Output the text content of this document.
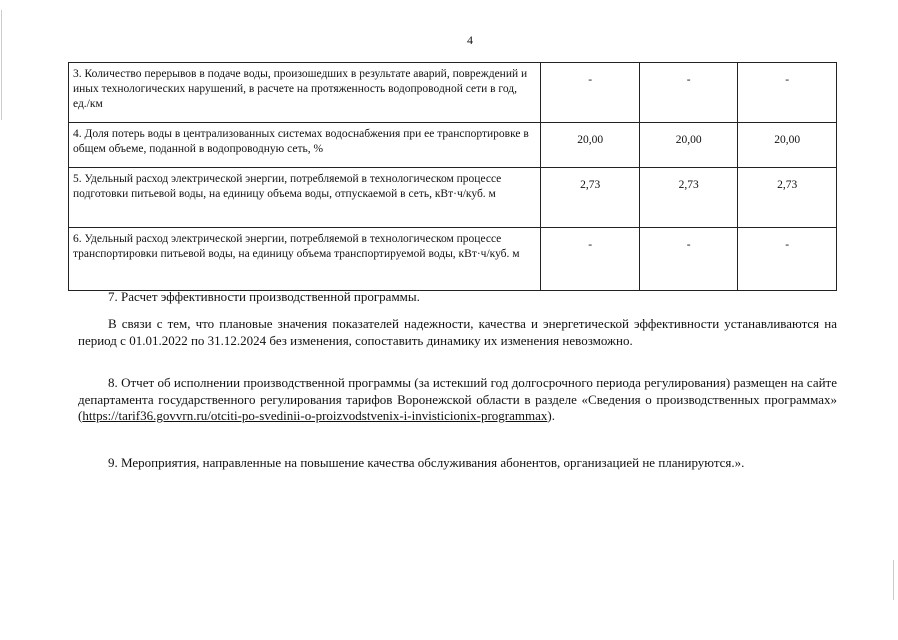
4
3. Количество перерывов в подаче воды, произошедших в результате аварий, повреждений и иных технологических нарушений, в расчете на протяженность водопроводной сети в год, ед./км	-	-	-
4. Доля потерь воды в централизованных системах водоснабжения при ее транспортировке в общем объеме, поданной в водопроводную сеть, %	20,00	20,00	20,00
5. Удельный расход электрической энергии, потребляемой в технологическом процессе подготовки питьевой воды, на единицу объема воды, отпускаемой в сеть, кВт·ч/куб. м	2,73	2,73	2,73
6. Удельный расход электрической энергии, потребляемой в технологическом процессе транспортировки питьевой воды, на единицу объема транспортируемой воды, кВт·ч/куб. м	-	-	-

7. Расчет эффективности производственной программы.

В связи с тем, что плановые значения показателей надежности, качества и энергетической эффективности устанавливаются на период с 01.01.2022 по 31.12.2024 без изменения, сопоставить динамику их изменения невозможно.

8. Отчет об исполнении производственной программы (за истекший год долгосрочного периода регулирования) размещен на сайте департамента государственного регулирования тарифов Воронежской области в разделе «Сведения о производственных программах» (https://tarif36.govvrn.ru/otciti-po-svedinii-o-proizvodstvenix-i-invisticionix-programmax).

9. Мероприятия, направленные на повышение качества обслуживания абонентов, организацией не планируются.».
